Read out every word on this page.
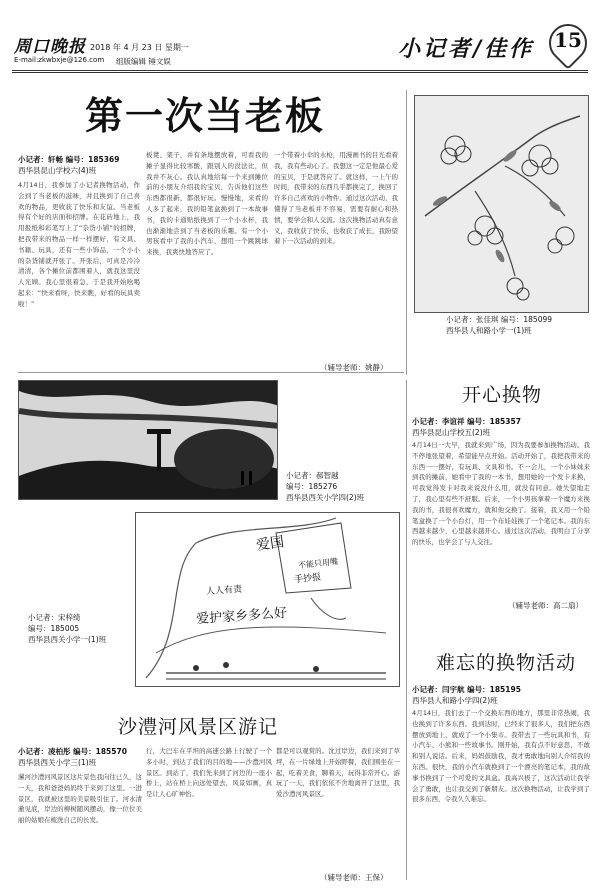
周口晚报 2018 年 4 月 23 日 星期一
E-mail:zkwbxje@126.com 组版编辑 锤文娱	小记者/佳作 15
第一次当老板
小记者：轩畅 编号：185369
西华县昆山学校六(4)班
4月14日，我参加了小记者换物活动，作会到了当老板的滋味，并且换到了自己喜欢的物品，更收获了快乐和友谊。当老板得有个好的店面和招牌。在花砖地上，我用报纸和彩笔写上了“杂货小铺”的招牌，把我带来的物品一样一样摆好，有文具、书籍、玩具，还有一些小饰品，一个小小的杂货铺就开张了。开张后，可真是冷冷清清，各个摊位前都围着人，就我这里没人光顾。我心里很着急，于是我开始吆喝起来：“快来看呀，快来瞧，好看的玩具卖啦！”
板凳、架子，并有条地摆放着，可看我的摊子显得比较寒酸，跟别人的没法比，但我并不灰心。我认真地给每一个来到摊位前的小朋友介绍我的宝贝，告诉他们这些东西都很新，都很好玩。慢慢地，来看的人多了起来，我的铅笔盒换到了一本故事书，我的卡通贴纸换到了一个小水杯，我也渐渐地尝到了当老板的乐趣。有一个小男孩看中了我的小汽车，想用一个跳跳球来换，我爽快地答应了。
一个带着小伞的水枪，用漫画书的目光看着我，我有些动心了。我想这一定是他最心爱的宝贝，于是就答应了。就这样，一上午的时间，我带来的东西几乎都换完了，换回了许多自己喜欢的小物件。通过这次活动，我懂得了当老板并不容易，需要有耐心和热情，要学会和人交流。这次换物活动真有意义，我收获了快乐，也收获了成长，我盼望着下一次活动的到来。
（辅导老师：姚静）
小记者：张佳琪 编号：185099
西华县人和路小学一(1)班
小记者：郝智越
编号：185276
西华县西关小学四(2)班
爱国
不能只用嘴
手抄报
人人有责
爱护家乡多么好
小记者：宋梓绮
编号：185005
西华县西关小学一(1)班
开心换物
小记者：李谊祥 编号：185357
西华县昆山学校五(2)班
4月14日一大早，我就来到广场，因为我要参加换物活动。我不停地张望着，希望能早点开始。活动开始了，我把我带来的东西一一摆好，有玩具、文具和书。不一会儿，一个小妹妹来到我的摊前，她看中了我的一本书，想用她的一个发卡来换，可我觉得发卡对我来说没什么用，就没有同意。她失望地走了，我心里有些不舒服。后来，一个小男孩拿着一个魔方来换我的书，我很喜欢魔方，就和他交换了。接着，我又用一个铅笔盒换了一个小台灯，用一个布娃娃换了一个笔记本。我的东西越来越少，心里越来越开心。通过这次活动，我明白了分享的快乐，也学会了与人交往。
（辅导老师：高二扇）
难忘的换物活动
小记者：闫宇航 编号：185195
西华县人和路小学四(2)班
4月14日，我们去了一个交换东西的地方，那里非常热闹，我也换到了许多东西。我到达时，已经来了很多人，我们把东西摆放到地上，就成了一个小集市。我带去了一些玩具和书，有小汽车、小熊和一些故事书。刚开始，我有点不好意思，不敢和别人说话。后来，妈妈鼓励我，我才勇敢地向别人介绍我的东西。很快，我的小汽车就换到了一个漂亮的笔记本，我的故事书换到了一个可爱的文具盒。我高兴极了，这次活动让我学会了勇敢，也让我交到了新朋友。这次换物活动，让我学到了很多东西，令我久久难忘。
沙澧河风景区游记
小记者：凌柏彤 编号：185570
西华县西关小学三(1)班
漯河沙澧河风景区这片景色我向往已久，这一天，我和爸爸妈妈终于来到了这里。一进景区，我就被这里的美景吸引住了。河水清澈见底，岸边的柳树随风摆动，像一位位美丽的姑娘在梳洗自己的长发。
行，大巴车在平坦的高速公路上行驶了一个多小时，到达了我们的目的地——沙澧河风景区。到站了，我们先来到了河边的一座小桥上，站在桥上向远处望去，风景如画，真是让人心旷神怡。
都是可以观赏的。沈过岸边，我们来到了草坪，在一片绿地上开始野餐，我们围坐在一起，吃着美食，聊着天，玩得非常开心。游玩了一天，我们依依不舍地离开了这里，我爱沙澧河风景区。
（辅导老师：王保）
